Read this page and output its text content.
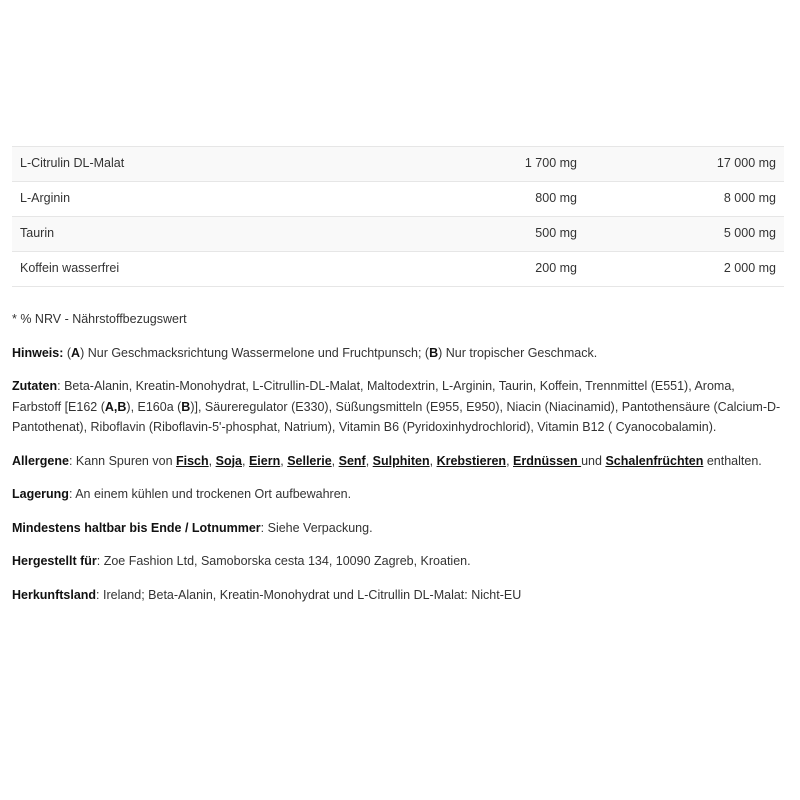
L-Citrulin DL-Malat	1 700 mg	17 000 mg
L-Arginin	800 mg	8 000 mg
Taurin	500 mg	5 000 mg
Koffein wasserfrei	200 mg	2 000 mg

* % NRV - Nährstoffbezugswert

Hinweis: (A) Nur Geschmacksrichtung Wassermelone und Fruchtpunsch; (B) Nur tropischer Geschmack.

Zutaten: Beta-Alanin, Kreatin-Monohydrat, L-Citrullin-DL-Malat, Maltodextrin, L-Arginin, Taurin, Koffein, Trennmittel (E551), Aroma, Farbstoff [E162 (A,B), E160a (B)], Säureregulator (E330), Süßungsmitteln (E955, E950), Niacin (Niacinamid), Pantothensäure (Calcium-D-Pantothenat), Riboflavin (Riboflavin-5'-phosphat, Natrium), Vitamin B6 (Pyridoxinhydrochlorid), Vitamin B12 ( Cyanocobalamin).

Allergene: Kann Spuren von Fisch, Soja, Eiern, Sellerie, Senf, Sulphiten, Krebstieren, Erdnüssen und Schalenfrüchten enthalten.

Lagerung: An einem kühlen und trockenen Ort aufbewahren.

Mindestens haltbar bis Ende / Lotnummer: Siehe Verpackung.

Hergestellt für: Zoe Fashion Ltd, Samoborska cesta 134, 10090 Zagreb, Kroatien.

Herkunftsland: Ireland; Beta-Alanin, Kreatin-Monohydrat und L-Citrullin DL-Malat: Nicht-EU
